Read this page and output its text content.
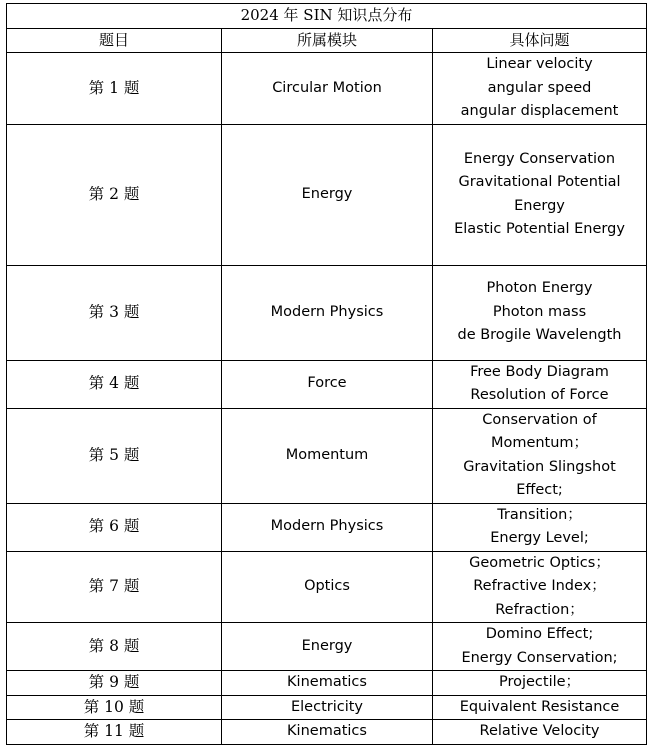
2024 年 SIN 知识点分布		
题目	所属模块	具体问题
第 1 题	Circular Motion	Linear velocity
angular speed
angular displacement

第 2 题	Energy	Energy Conservation
Gravitational Potential
Energy
Elastic Potential Energy

第 3 题	Modern Physics	Photon Energy
Photon mass
de Brogile Wavelength

第 4 题	Force	Free Body Diagram
Resolution of Force

第 5 题	Momentum	Conservation of
Momentum；
Gravitation Slingshot
Effect;

第 6 题	Modern Physics	Transition；
Energy Level;

第 7 题	Optics	Geometric Optics；
Refractive Index；
Refraction；

第 8 题	Energy	Domino Effect;
Energy Conservation;

第 9 题	Kinematics	Projectile；

第 10 题	Electricity	Equivalent Resistance

第 11 题	Kinematics	Relative Velocity
